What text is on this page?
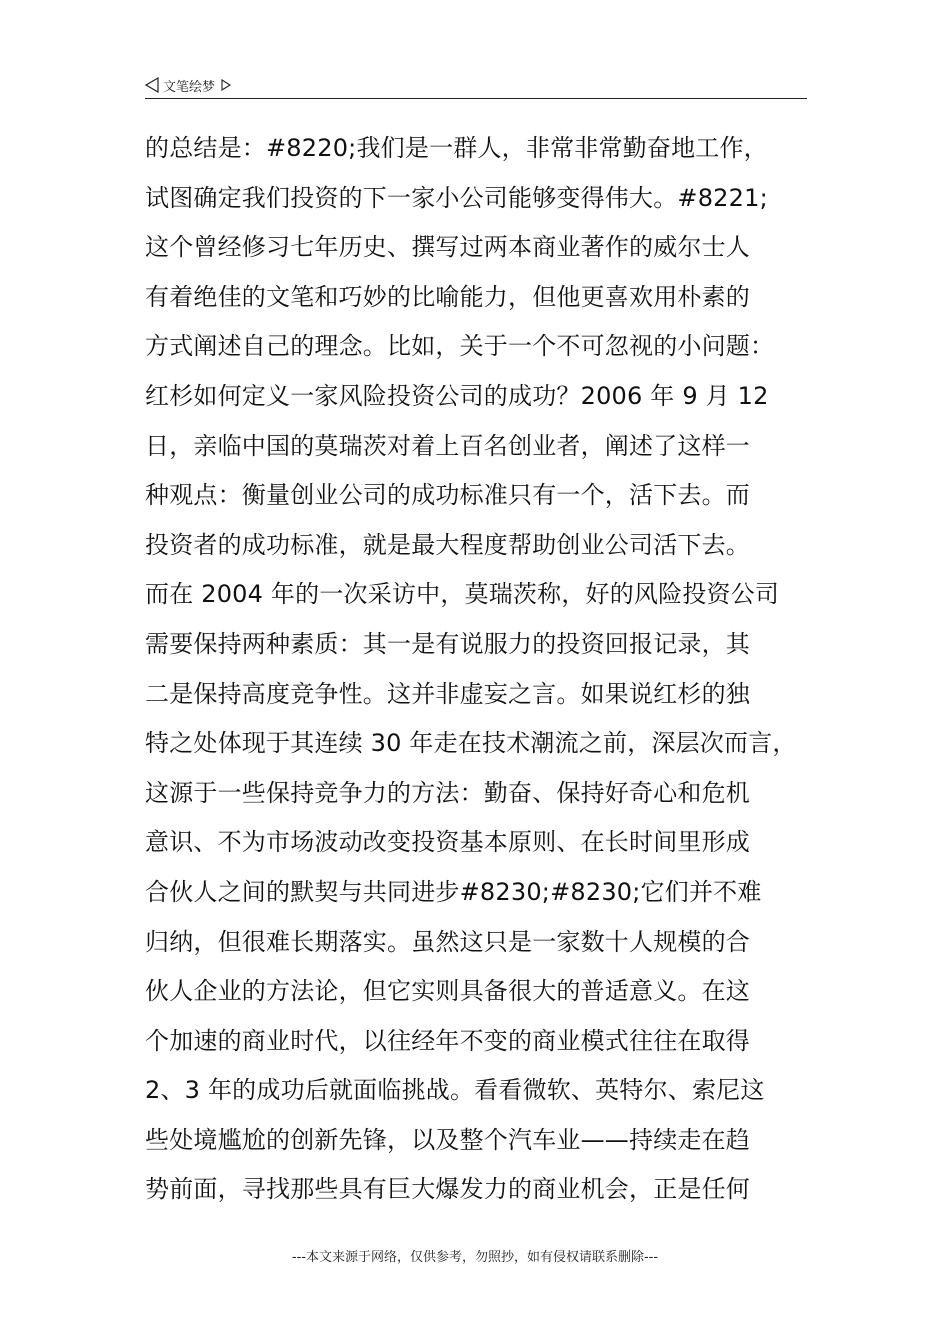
文笔绘梦
的总结是：#8220;我们是一群人，非常非常勤奋地工作，
试图确定我们投资的下一家小公司能够变得伟大。#8221;
这个曾经修习七年历史、撰写过两本商业著作的威尔士人
有着绝佳的文笔和巧妙的比喻能力，但他更喜欢用朴素的
方式阐述自己的理念。比如，关于一个不可忽视的小问题：
红杉如何定义一家风险投资公司的成功？2006 年 9 月 12
日，亲临中国的莫瑞茨对着上百名创业者，阐述了这样一
种观点：衡量创业公司的成功标准只有一个，活下去。而
投资者的成功标准，就是最大程度帮助创业公司活下去。
而在 2004 年的一次采访中，莫瑞茨称，好的风险投资公司
需要保持两种素质：其一是有说服力的投资回报记录，其
二是保持高度竞争性。这并非虚妄之言。如果说红杉的独
特之处体现于其连续 30 年走在技术潮流之前，深层次而言，
这源于一些保持竞争力的方法：勤奋、保持好奇心和危机
意识、不为市场波动改变投资基本原则、在长时间里形成
合伙人之间的默契与共同进步#8230;#8230;它们并不难
归纳，但很难长期落实。虽然这只是一家数十人规模的合
伙人企业的方法论，但它实则具备很大的普适意义。在这
个加速的商业时代，以往经年不变的商业模式往往在取得
2、3 年的成功后就面临挑战。看看微软、英特尔、索尼这
些处境尴尬的创新先锋，以及整个汽车业——持续走在趋
势前面，寻找那些具有巨大爆发力的商业机会，正是任何
---本文来源于网络，仅供参考，勿照抄，如有侵权请联系删除---
